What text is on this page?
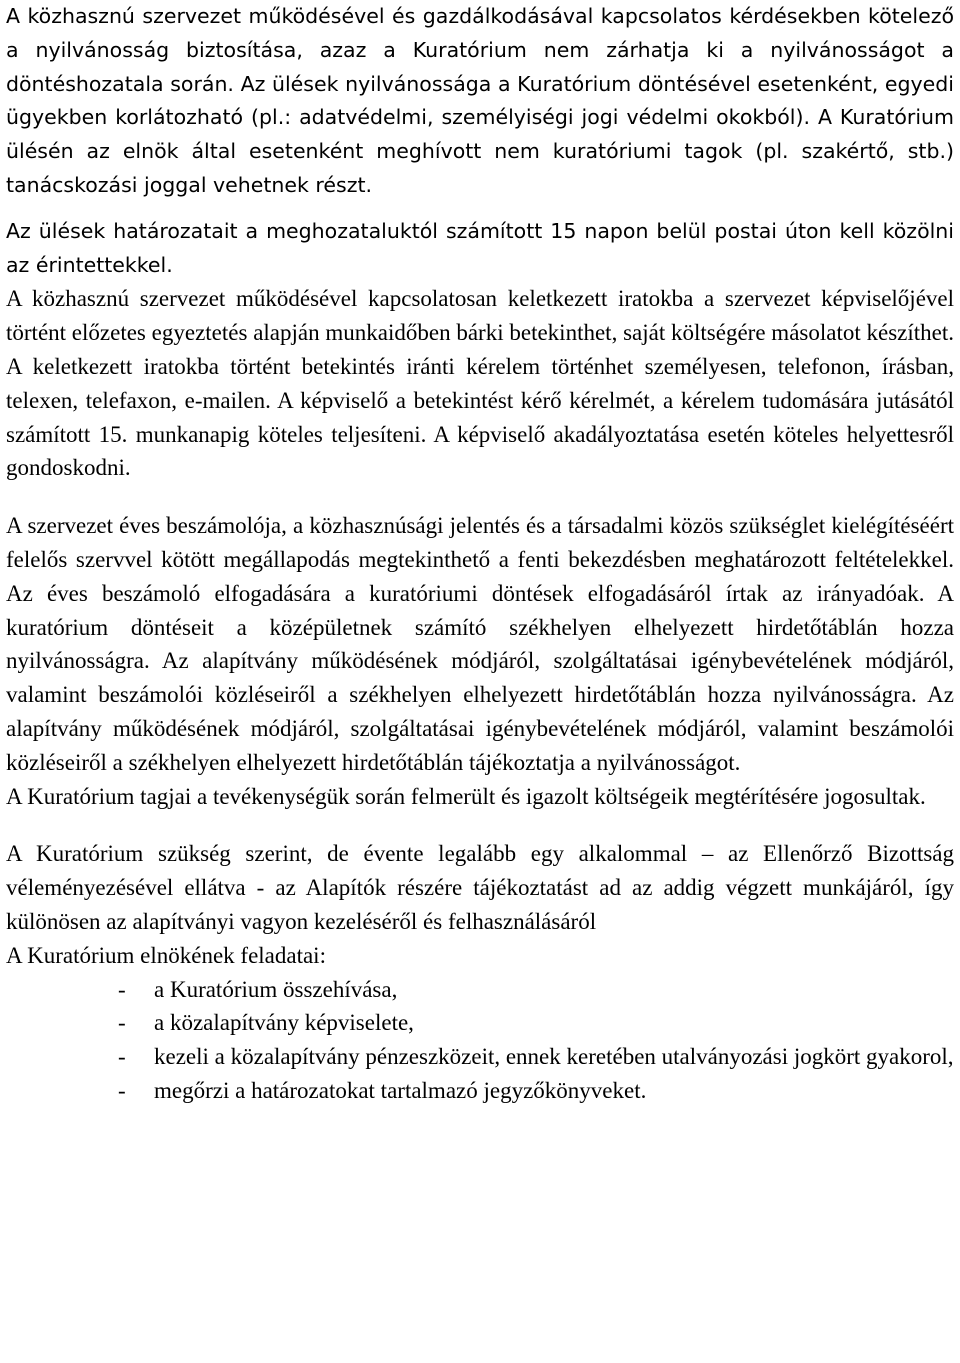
A közhasznú szervezet működésével és gazdálkodásával kapcsolatos kérdésekben kötelező a nyilvánosság biztosítása, azaz a Kuratórium nem zárhatja ki a nyilvánosságot a döntéshozatala során. Az ülések nyilvánossága a Kuratórium döntésével esetenként, egyedi ügyekben korlátozható (pl.: adatvédelmi, személyiségi jogi védelmi okokból). A Kuratórium ülésén az elnök által esetenként meghívott nem kuratóriumi tagok (pl. szakértő, stb.) tanácskozási joggal vehetnek részt.

Az ülések határozatait a meghozataluktól számított 15 napon belül postai úton kell közölni az érintettekkel.

A közhasznú szervezet működésével kapcsolatosan keletkezett iratokba a szervezet képviselőjével történt előzetes egyeztetés alapján munkaidőben bárki betekinthet, saját költségére másolatot készíthet. A keletkezett iratokba történt betekintés iránti kérelem történhet személyesen, telefonon, írásban, telexen, telefaxon, e-mailen. A képviselő a betekintést kérő kérelmét, a kérelem tudomására jutásától számított 15. munkanapig köteles teljesíteni. A képviselő akadályoztatása esetén köteles helyettesről gondoskodni.

A szervezet éves beszámolója, a közhasznúsági jelentés és a társadalmi közös szükséglet kielégítéséért felelős szervvel kötött megállapodás megtekinthető a fenti bekezdésben meghatározott feltételekkel. Az éves beszámoló elfogadására a kuratóriumi döntések elfogadásáról írtak az irányadóak. A kuratórium döntéseit a középületnek számító székhelyen elhelyezett hirdetőtáblán hozza nyilvánosságra. Az alapítvány működésének módjáról, szolgáltatásai igénybevételének módjáról, valamint beszámolói közléseiről a székhelyen elhelyezett hirdetőtáblán hozza nyilvánosságra. Az alapítvány működésének módjáról, szolgáltatásai igénybevételének módjáról, valamint beszámolói közléseiről a székhelyen elhelyezett hirdetőtáblán tájékoztatja a nyilvánosságot.

A Kuratórium tagjai a tevékenységük során felmerült és igazolt költségeik megtérítésére jogosultak.

A Kuratórium szükség szerint, de évente legalább egy alkalommal – az Ellenőrző Bizottság véleményezésével ellátva - az Alapítók részére tájékoztatást ad az addig végzett munkájáról, így különösen az alapítványi vagyon kezeléséről és felhasználásáról

A Kuratórium elnökének feladatai:

- a Kuratórium összehívása,
- a közalapítvány képviselete,
- kezeli a közalapítvány pénzeszközeit, ennek keretében utalványozási jogkört gyakorol,
- megőrzi a határozatokat tartalmazó jegyzőkönyveket.
